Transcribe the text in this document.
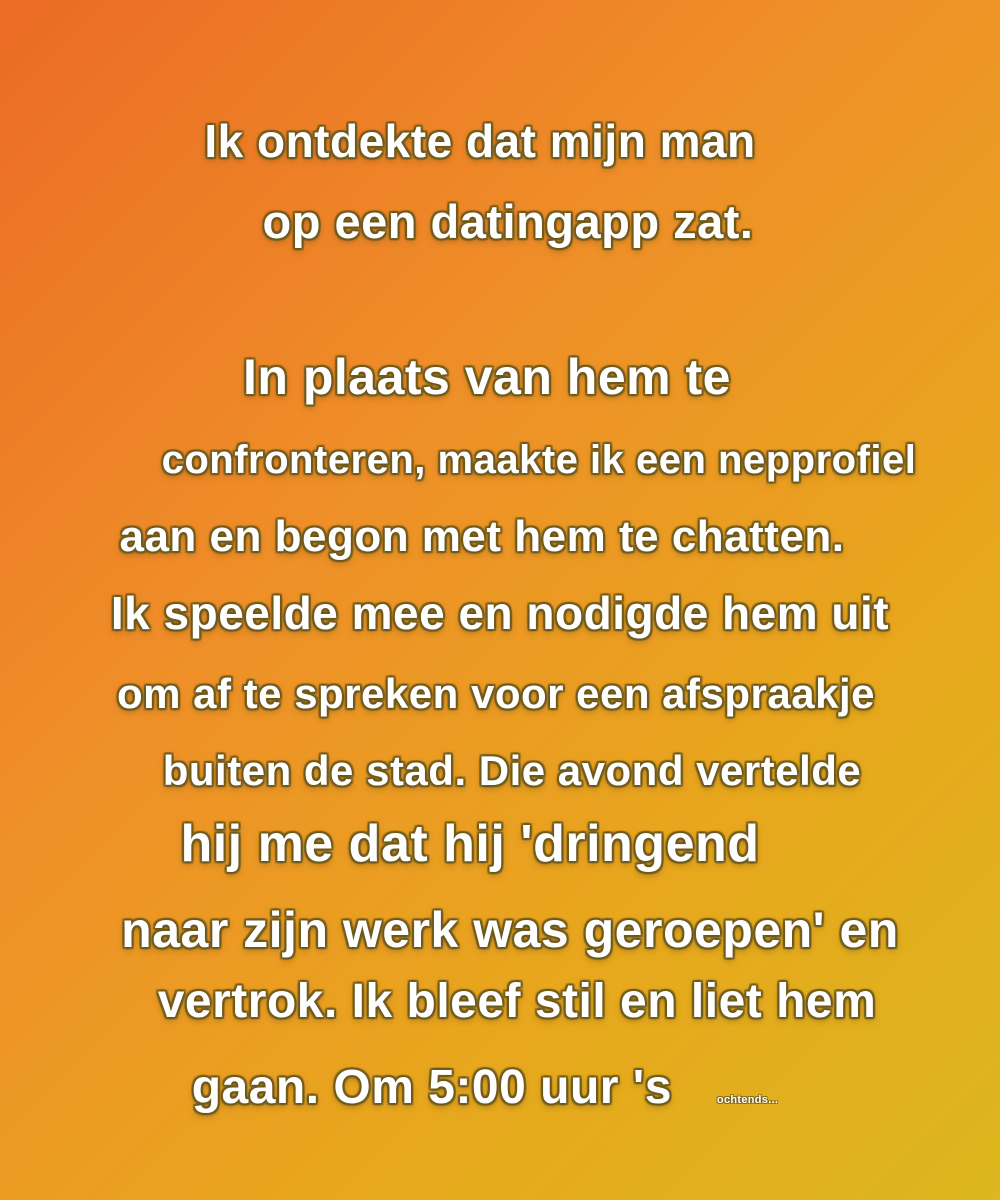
Ik ontdekte dat mijn man
op een datingapp zat.
In plaats van hem te
confronteren, maakte ik een nepprofiel
aan en begon met hem te chatten.
Ik speelde mee en nodigde hem uit
om af te spreken voor een afspraakje
buiten de stad. Die avond vertelde
hij me dat hij 'dringend
naar zijn werk was geroepen' en
vertrok. Ik bleef stil en liet hem
gaan. Om 5:00 uur 's	ochtends...
